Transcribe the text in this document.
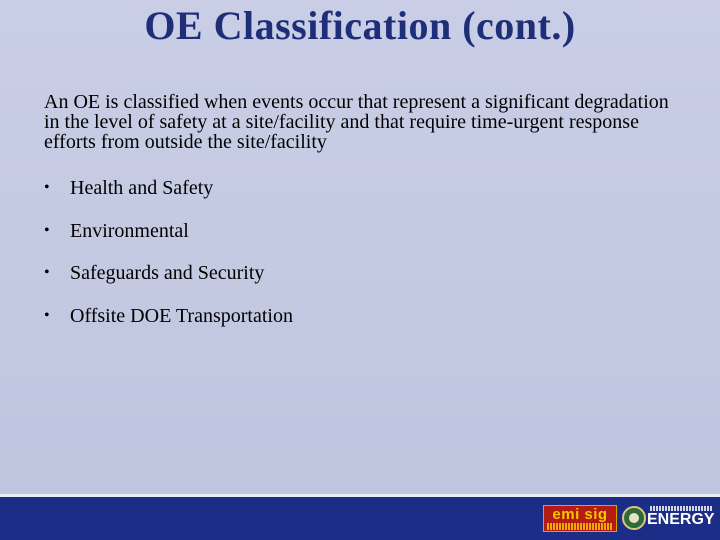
OE Classification (cont.)
An OE is classified when events occur that represent a significant degradation in the level of safety at a site/facility and that require time-urgent response efforts from outside the site/facility
•	Health and Safety
•	Environmental
•	Safeguards and Security
•	Offsite DOE Transportation
emi sig	ENERGY
